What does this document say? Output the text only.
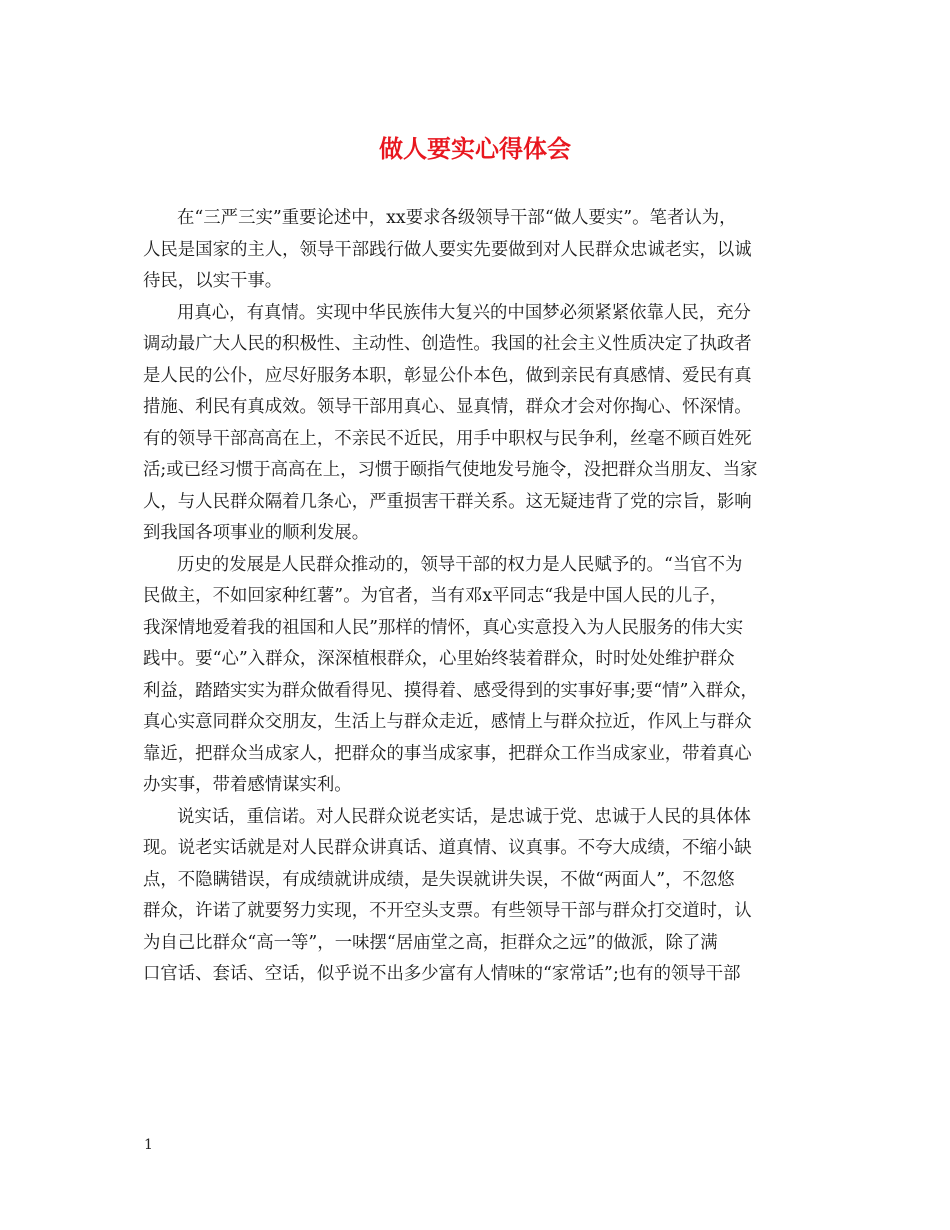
做人要实心得体会
在“三严三实”重要论述中，xx要求各级领导干部“做人要实”。笔者认为，
人民是国家的主人，领导干部践行做人要实先要做到对人民群众忠诚老实，以诚
待民，以实干事。
用真心，有真情。实现中华民族伟大复兴的中国梦必须紧紧依靠人民，充分
调动最广大人民的积极性、主动性、创造性。我国的社会主义性质决定了执政者
是人民的公仆，应尽好服务本职，彰显公仆本色，做到亲民有真感情、爱民有真
措施、利民有真成效。领导干部用真心、显真情，群众才会对你掏心、怀深情。
有的领导干部高高在上，不亲民不近民，用手中职权与民争利，丝毫不顾百姓死
活;或已经习惯于高高在上，习惯于颐指气使地发号施令，没把群众当朋友、当家
人，与人民群众隔着几条心，严重损害干群关系。这无疑违背了党的宗旨，影响
到我国各项事业的顺利发展。
历史的发展是人民群众推动的，领导干部的权力是人民赋予的。“当官不为
民做主，不如回家种红薯”。为官者，当有邓x平同志“我是中国人民的儿子，
我深情地爱着我的祖国和人民”那样的情怀，真心实意投入为人民服务的伟大实
践中。要“心”入群众，深深植根群众，心里始终装着群众，时时处处维护群众
利益，踏踏实实为群众做看得见、摸得着、感受得到的实事好事;要“情”入群众，
真心实意同群众交朋友，生活上与群众走近，感情上与群众拉近，作风上与群众
靠近，把群众当成家人，把群众的事当成家事，把群众工作当成家业，带着真心
办实事，带着感情谋实利。
说实话，重信诺。对人民群众说老实话，是忠诚于党、忠诚于人民的具体体
现。说老实话就是对人民群众讲真话、道真情、议真事。不夸大成绩，不缩小缺
点，不隐瞒错误，有成绩就讲成绩，是失误就讲失误，不做“两面人”，不忽悠
群众，许诺了就要努力实现，不开空头支票。有些领导干部与群众打交道时，认
为自己比群众“高一等”，一味摆“居庙堂之高，拒群众之远”的做派，除了满
口官话、套话、空话，似乎说不出多少富有人情味的“家常话”;也有的领导干部
1
